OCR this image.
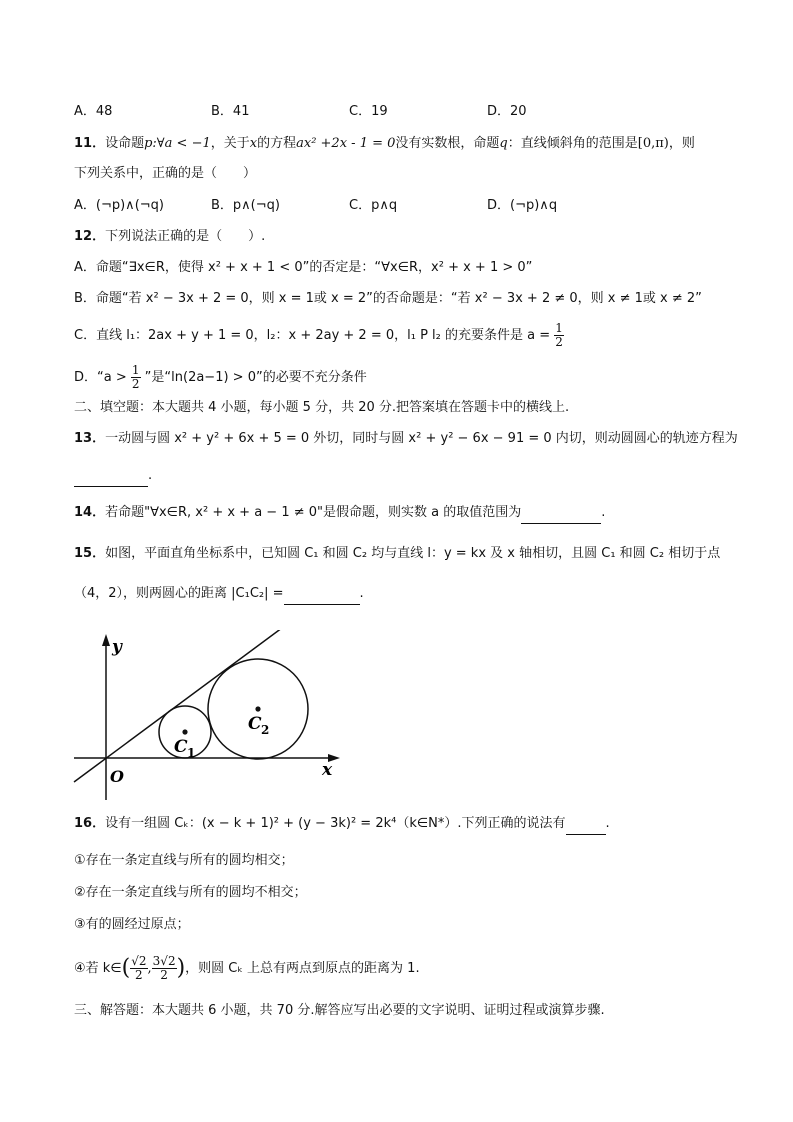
A．48	B．41	C．19	D．20
11．设命题p:∀a < −1，关于x的方程ax² +2x - 1 = 0没有实数根，命题q：直线倾斜角的范围是[0,π)，则
下列关系中，正确的是（　　）
A．(¬p)∧(¬q)	B．p∧(¬q)	C．p∧q	D．(¬p)∧q
12．下列说法正确的是（　　）.
A．命题“∃x∈R，使得 x² + x + 1 < 0”的否定是：“∀x∈R，x² + x + 1 > 0”
B．命题“若 x² − 3x + 2 = 0，则 x = 1或 x = 2”的否命题是：“若 x² − 3x + 2 ≠ 0，则 x ≠ 1或 x ≠ 2”
C．直线 l₁：2ax + y + 1 = 0，l₂：x + 2ay + 2 = 0，l₁ P l₂ 的充要条件是 $a = \frac{1}{2}$
D．“$a > \frac{1}{2}$ ”是“ln(2a−1) > 0”的必要不充分条件
二、填空题：本大题共 4 小题，每小题 5 分，共 20 分.把答案填在答题卡中的横线上.
13．一动圆与圆 x² + y² + 6x + 5 = 0 外切，同时与圆 x² + y² − 6x − 91 = 0 内切，则动圆圆心的轨迹方程为
.
14．若命题"∀x∈R, x² + x + a − 1 ≠ 0"是假命题，则实数 a 的取值范围为	.
15．如图，平面直角坐标系中，已知圆 C₁ 和圆 C₂ 均与直线 l：y = kx 及 x 轴相切，且圆 C₁ 和圆 C₂ 相切于点
（4，2），则两圆心的距离 |C₁C₂| =	.
y
x
O
C 1
C 2
16．设有一组圆 Cₖ：(x − k + 1)² + (y − 3k)² = 2k⁴（k∈N*）.下列正确的说法有	.
①存在一条定直线与所有的圆均相交；
②存在一条定直线与所有的圆均不相交；
③有的圆经过原点；
④若 k∈( $\frac{√2}{2}$ , $\frac{3√2}{2}$ )，则圆 Cₖ 上总有两点到原点的距离为 1.
三、解答题：本大题共 6 小题，共 70 分.解答应写出必要的文字说明、证明过程或演算步骤.
